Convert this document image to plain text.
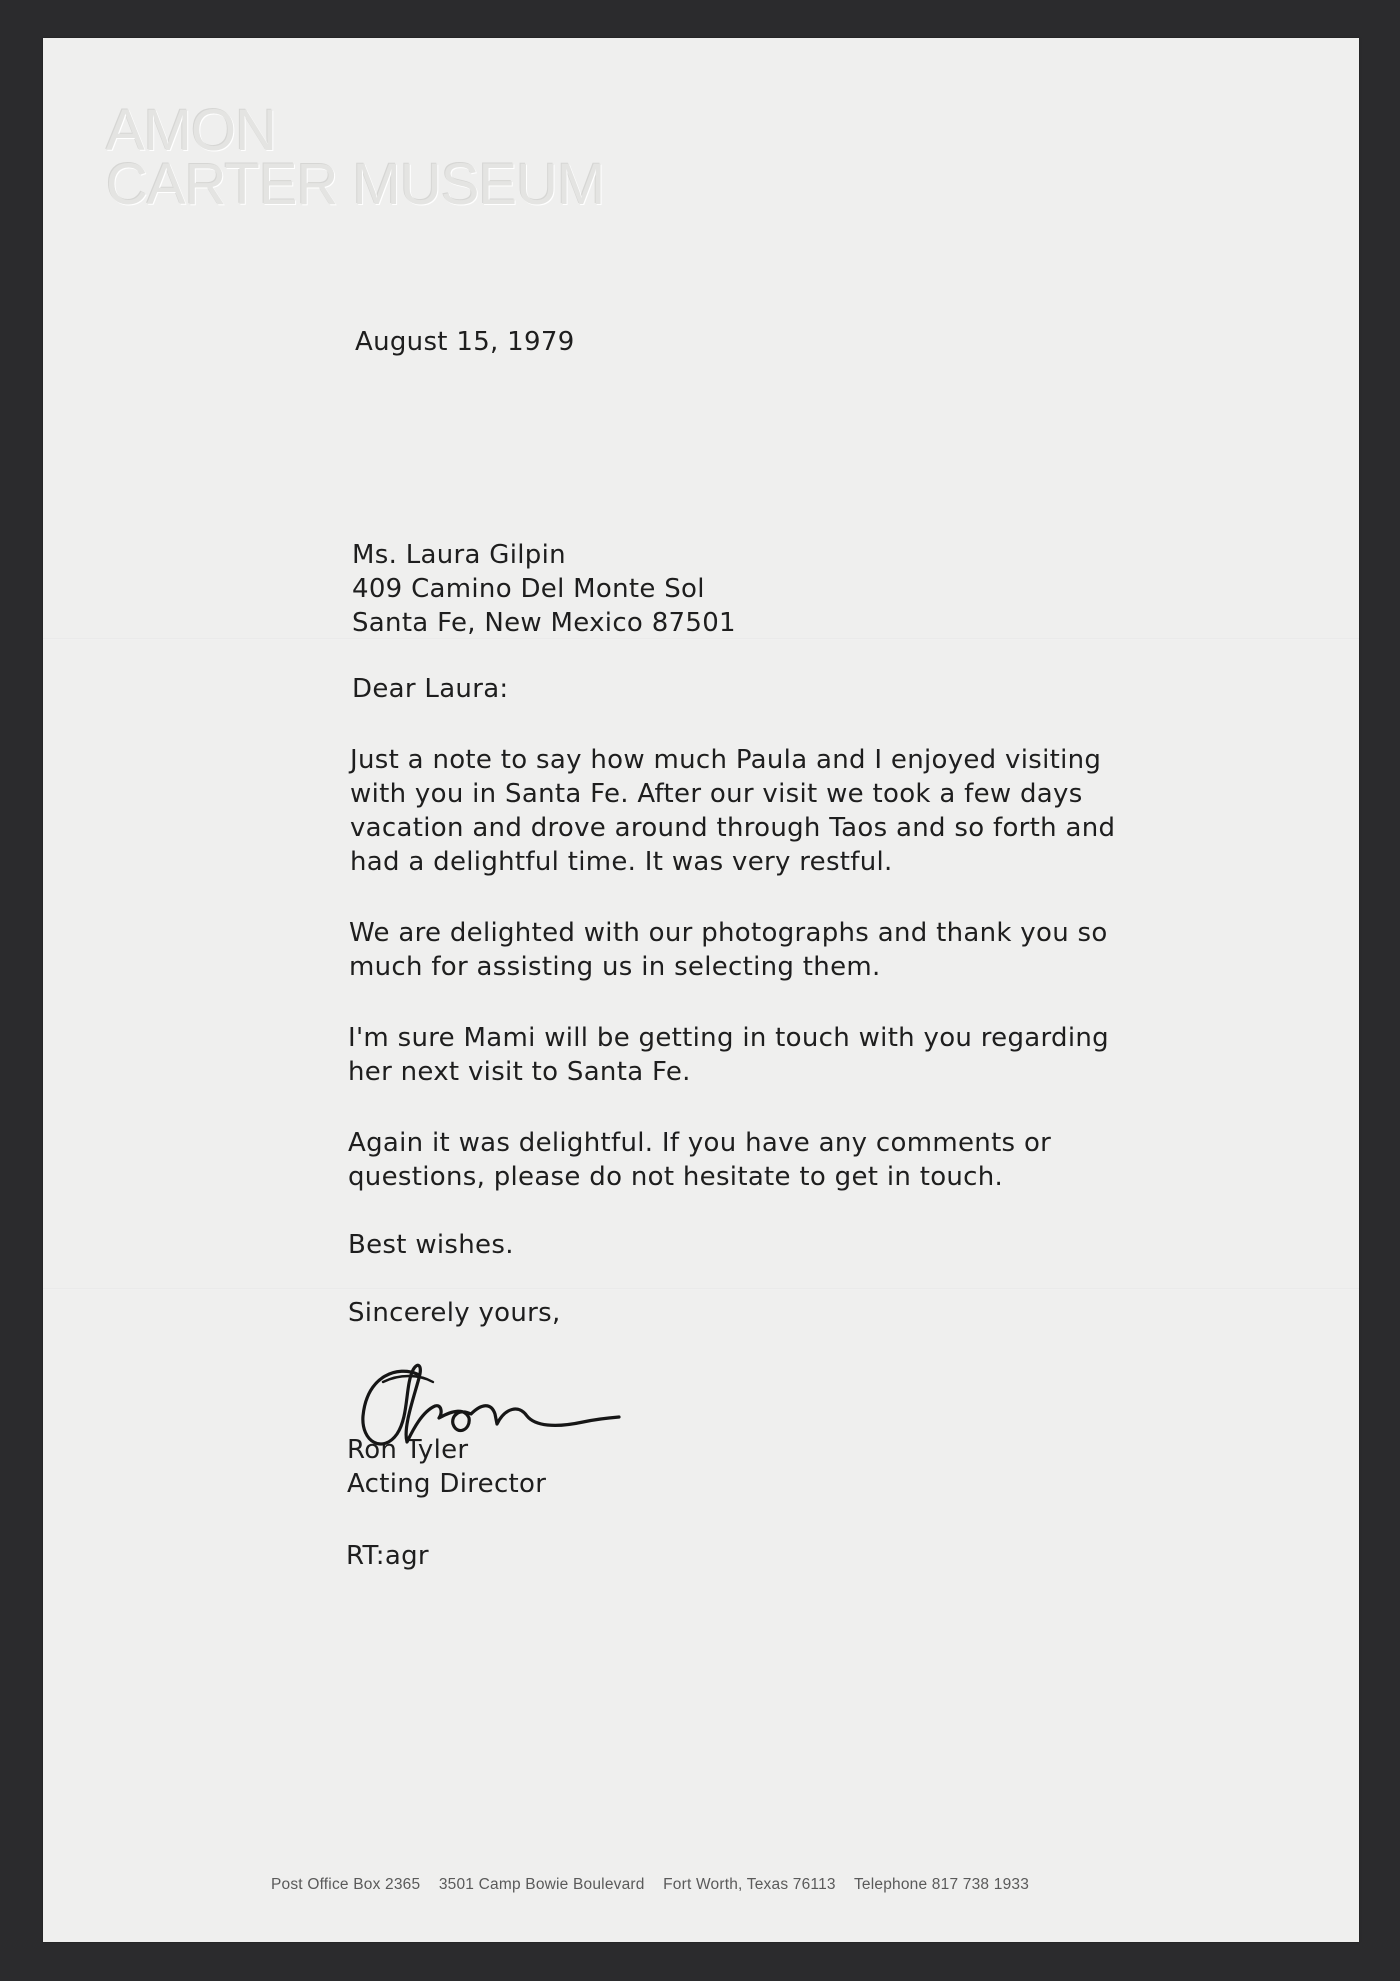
AMON
CARTER MUSEUM

August 15, 1979
Ms. Laura Gilpin
409 Camino Del Monte Sol
Santa Fe, New Mexico 87501
Dear Laura:
Just a note to say how much Paula and I enjoyed visiting
with you in Santa Fe. After our visit we took a few days
vacation and drove around through Taos and so forth and
had a delightful time. It was very restful.
We are delighted with our photographs and thank you so
much for assisting us in selecting them.
I'm sure Mami will be getting in touch with you regarding
her next visit to Santa Fe.
Again it was delightful. If you have any comments or
questions, please do not hesitate to get in touch.
Best wishes.
Sincerely yours,
Ron Tyler
Acting Director
RT:agr
Post Office Box 2365 3501 Camp Bowie Boulevard Fort Worth, Texas 76113 Telephone 817 738 1933
